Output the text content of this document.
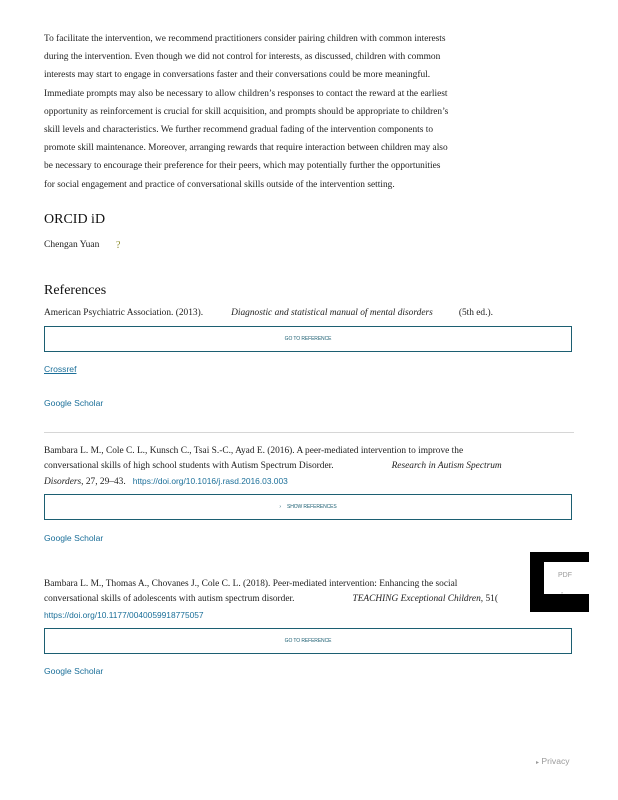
To facilitate the intervention, we recommend practitioners consider pairing children with common interests
during the intervention. Even though we did not control for interests, as discussed, children with common
interests may start to engage in conversations faster and their conversations could be more meaningful.
Immediate prompts may also be necessary to allow children’s responses to contact the reward at the earliest
opportunity as reinforcement is crucial for skill acquisition, and prompts should be appropriate to children’s
skill levels and characteristics. We further recommend gradual fading of the intervention components to
promote skill maintenance. Moreover, arranging rewards that require interaction between children may also
be necessary to encourage their preference for their peers, which may potentially further the opportunities
for social engagement and practice of conversational skills outside of the intervention setting.
ORCID iD
Chengan Yuan ?
References
American Psychiatric Association. (2013).	Diagnostic and statistical manual of mental disorders	(5th ed.).
GO TO REFERENCE
Crossref
Google Scholar
Bambara L. M., Cole C. L., Kunsch C., Tsai S.-C., Ayad E. (2016). A peer-mediated intervention to improve the
conversational skills of high school students with Autism Spectrum Disorder.	Research in Autism Spectrum
Disorders, 27, 29–43. https://doi.org/10.1016/j.rasd.2016.03.003
› SHOW REFERENCES
Google Scholar
Bambara L. M., Thomas A., Chovanes J., Cole C. L. (2018). Peer-mediated intervention: Enhancing the social
conversational skills of adolescents with autism spectrum disorder.	TEACHING Exceptional Children, 51(
https://doi.org/10.1177/0040059918775057
GO TO REFERENCE
Google Scholar
PDF
»
▸ Privacy
